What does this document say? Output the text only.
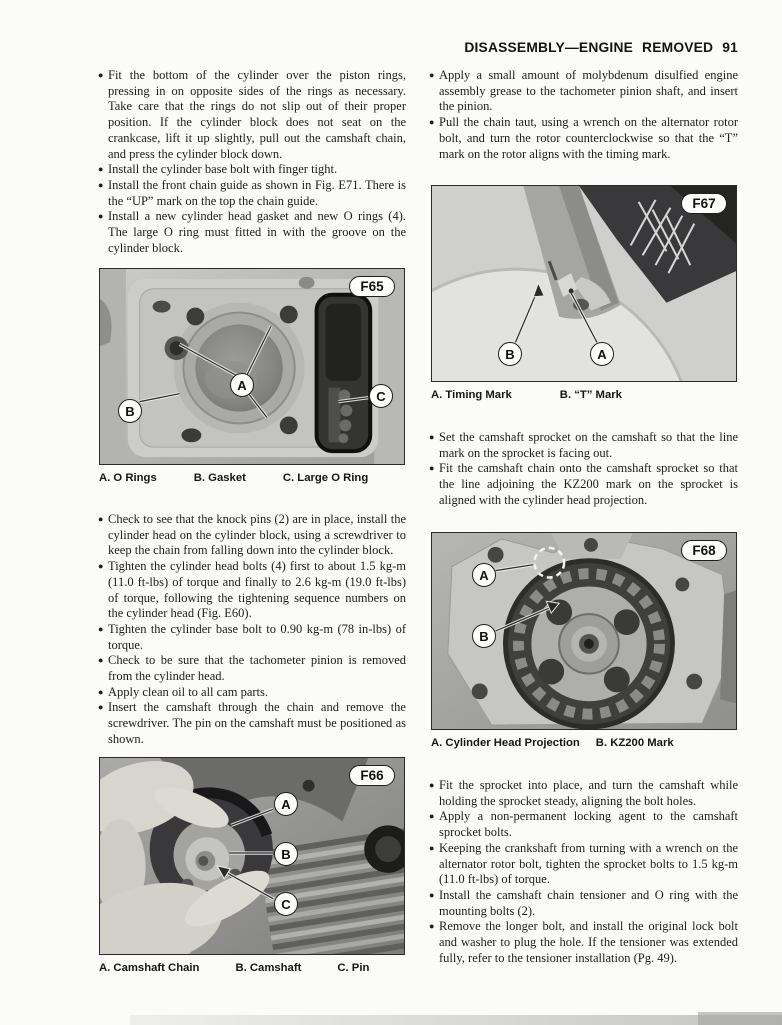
DISASSEMBLY—ENGINE REMOVED 91
● Fit the bottom of the cylinder over the piston rings, pressing in on opposite sides of the rings as necessary. Take care that the rings do not slip out of their proper position. If the cylinder block does not seat on the crankcase, lift it up slightly, pull out the camshaft chain, and press the cylinder block down.
● Install the cylinder base bolt with finger tight.
● Install the front chain guide as shown in Fig. E71. There is the “UP” mark on the top the chain guide.
● Install a new cylinder head gasket and new O rings (4). The large O ring must fitted in with the groove on the cylinder block.
F65
A
B
C
A. O Rings	B. Gasket	C. Large O Ring
● Check to see that the knock pins (2) are in place, install the cylinder head on the cylinder block, using a screwdriver to keep the chain from falling down into the cylinder block.
● Tighten the cylinder head bolts (4) first to about 1.5 kg-m (11.0 ft-lbs) of torque and finally to 2.6 kg-m (19.0 ft-lbs) of torque, following the tightening sequence numbers on the cylinder head (Fig. E60).
● Tighten the cylinder base bolt to 0.90 kg-m (78 in-lbs) of torque.
● Check to be sure that the tachometer pinion is removed from the cylinder head.
● Apply clean oil to all cam parts.
● Insert the camshaft through the chain and remove the screwdriver. The pin on the camshaft must be positioned as shown.
F66
A
B
C
A. Camshaft Chain	B. Camshaft	C. Pin
● Apply a small amount of molybdenum disulfied engine assembly grease to the tachometer pinion shaft, and insert the pinion.
● Pull the chain taut, using a wrench on the alternator rotor bolt, and turn the rotor counterclockwise so that the “T” mark on the rotor aligns with the timing mark.
F67
B	A
A. Timing Mark	B. “T” Mark
● Set the camshaft sprocket on the camshaft so that the line mark on the sprocket is facing out.
● Fit the camshaft chain onto the camshaft sprocket so that the line adjoining the KZ200 mark on the sprocket is aligned with the cylinder head projection.
F68
A
B
A. Cylinder Head Projection B. KZ200 Mark
● Fit the sprocket into place, and turn the camshaft while holding the sprocket steady, aligning the bolt holes.
● Apply a non-permanent locking agent to the camshaft sprocket bolts.
● Keeping the crankshaft from turning with a wrench on the alternator rotor bolt, tighten the sprocket bolts to 1.5 kg-m (11.0 ft-lbs) of torque.
● Install the camshaft chain tensioner and O ring with the mounting bolts (2).
● Remove the longer bolt, and install the original lock bolt and washer to plug the hole. If the tensioner was extended fully, refer to the tensioner installation (Pg. 49).
